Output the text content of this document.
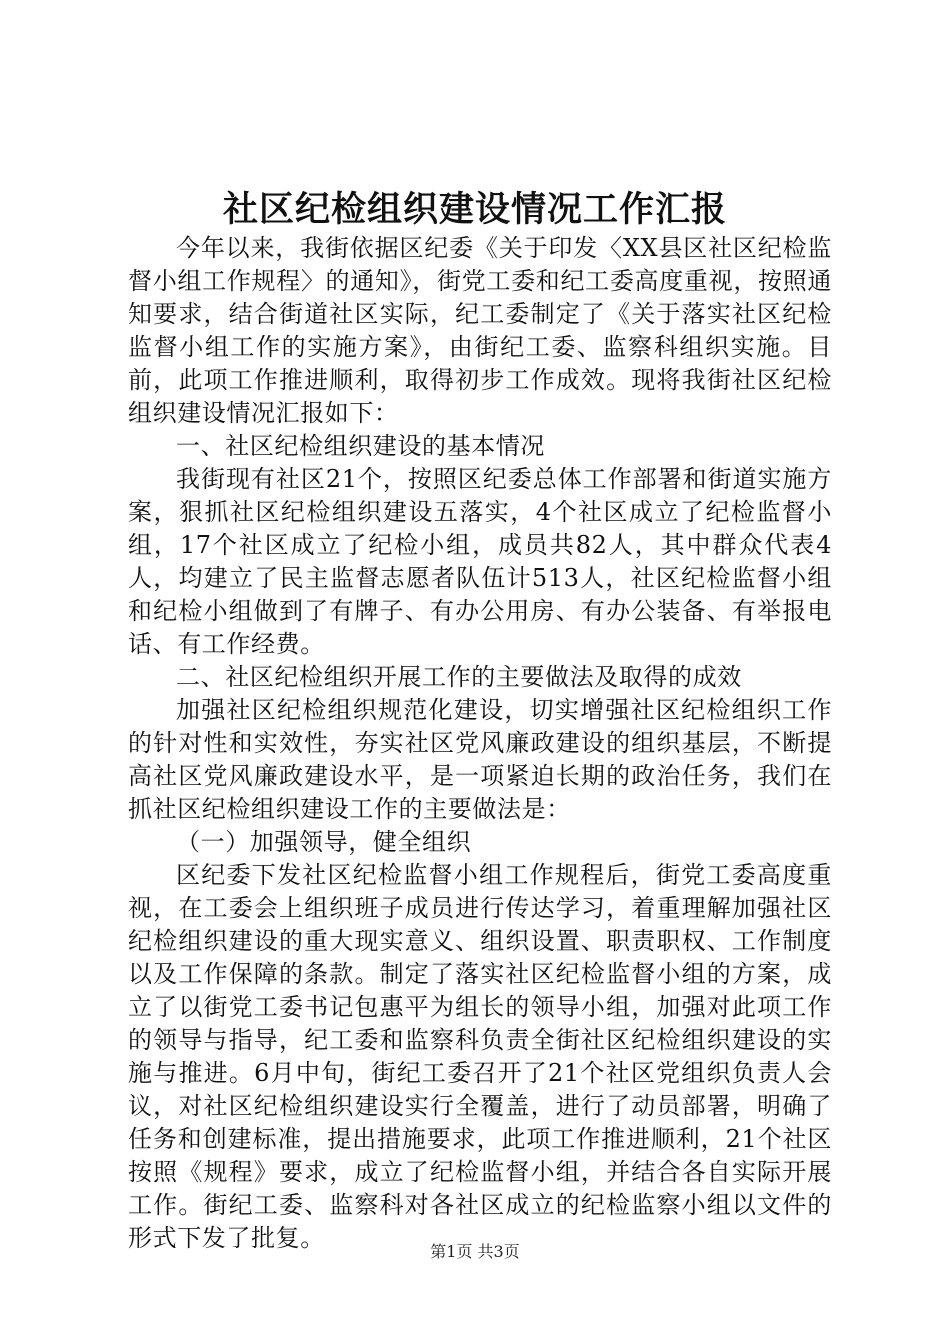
社区纪检组织建设情况工作汇报

今年以来，我街依据区纪委《关于印发〈XX县区社区纪检监督小组工作规程〉的通知》，街党工委和纪工委高度重视，按照通知要求，结合街道社区实际，纪工委制定了《关于落实社区纪检监督小组工作的实施方案》，由街纪工委、监察科组织实施。目前，此项工作推进顺利，取得初步工作成效。现将我街社区纪检组织建设情况汇报如下：

一、社区纪检组织建设的基本情况

我街现有社区21个，按照区纪委总体工作部署和街道实施方案，狠抓社区纪检组织建设五落实，4个社区成立了纪检监督小组，17个社区成立了纪检小组，成员共82人，其中群众代表4人，均建立了民主监督志愿者队伍计513人，社区纪检监督小组和纪检小组做到了有牌子、有办公用房、有办公装备、有举报电话、有工作经费。

二、社区纪检组织开展工作的主要做法及取得的成效

加强社区纪检组织规范化建设，切实增强社区纪检组织工作的针对性和实效性，夯实社区党风廉政建设的组织基层，不断提高社区党风廉政建设水平，是一项紧迫长期的政治任务，我们在抓社区纪检组织建设工作的主要做法是：

（一）加强领导，健全组织

区纪委下发社区纪检监督小组工作规程后，街党工委高度重视，在工委会上组织班子成员进行传达学习，着重理解加强社区纪检组织建设的重大现实意义、组织设置、职责职权、工作制度以及工作保障的条款。制定了落实社区纪检监督小组的方案，成立了以街党工委书记包惠平为组长的领导小组，加强对此项工作的领导与指导，纪工委和监察科负责全街社区纪检组织建设的实施与推进。6月中旬，街纪工委召开了21个社区党组织负责人会议，对社区纪检组织建设实行全覆盖，进行了动员部署，明确了任务和创建标准，提出措施要求，此项工作推进顺利，21个社区按照《规程》要求，成立了纪检监督小组，并结合各自实际开展工作。街纪工委、监察科对各社区成立的纪检监察小组以文件的形式下发了批复。	第1页 共3页
